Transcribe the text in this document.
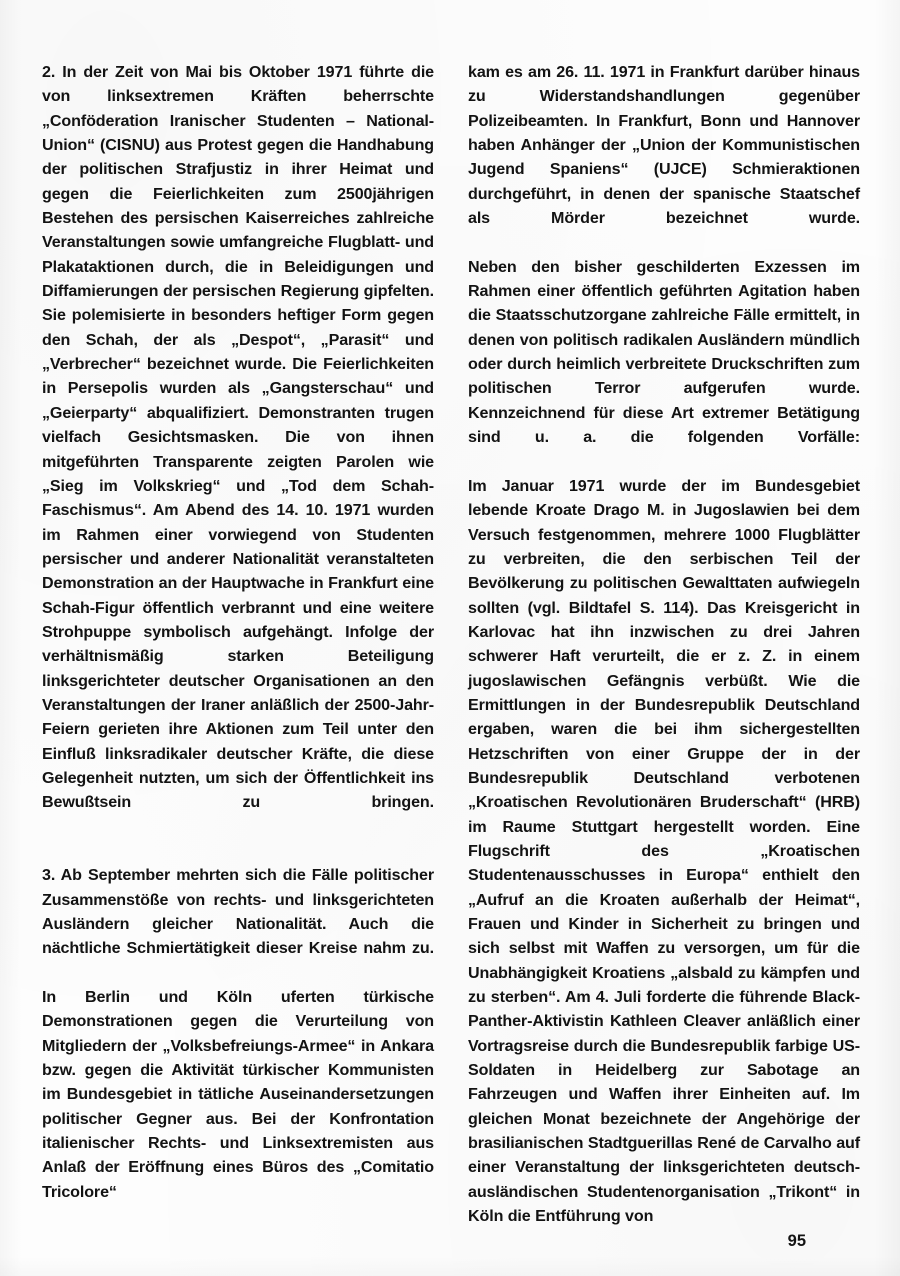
2. In der Zeit von Mai bis Oktober 1971 führte die von linksextremen Kräften beherrschte „Conföderation Iranischer Studenten – National-Union“ (CISNU) aus Protest gegen die Handhabung der politischen Strafjustiz in ihrer Heimat und gegen die Feierlichkeiten zum 2500jährigen Bestehen des persischen Kaiserreiches zahlreiche Veranstaltungen sowie umfangreiche Flugblatt- und Plakataktionen durch, die in Beleidigungen und Diffamierungen der persischen Regierung gipfelten. Sie polemisierte in besonders heftiger Form gegen den Schah, der als „Despot“, „Parasit“ und „Verbrecher“ bezeichnet wurde. Die Feierlichkeiten in Persepolis wurden als „Gangsterschau“ und „Geierparty“ abqualifiziert. Demonstranten trugen vielfach Gesichtsmasken. Die von ihnen mitgeführten Transparente zeigten Parolen wie „Sieg im Volkskrieg“ und „Tod dem Schah-Faschismus“. Am Abend des 14. 10. 1971 wurden im Rahmen einer vorwiegend von Studenten persischer und anderer Nationalität veranstalteten Demonstration an der Hauptwache in Frankfurt eine Schah-Figur öffentlich verbrannt und eine weitere Strohpuppe symbolisch aufgehängt. Infolge der verhältnismäßig starken Beteiligung linksgerichteter deutscher Organisationen an den Veranstaltungen der Iraner anläßlich der 2500-Jahr-Feiern gerieten ihre Aktionen zum Teil unter den Einfluß linksradikaler deutscher Kräfte, die diese Gelegenheit nutzten, um sich der Öffentlichkeit ins Bewußtsein zu bringen.

3. Ab September mehrten sich die Fälle politischer Zusammenstöße von rechts- und linksgerichteten Ausländern gleicher Nationalität. Auch die nächtliche Schmiertätigkeit dieser Kreise nahm zu.

In Berlin und Köln uferten türkische Demonstrationen gegen die Verurteilung von Mitgliedern der „Volksbefreiungs-Armee“ in Ankara bzw. gegen die Aktivität türkischer Kommunisten im Bundesgebiet in tätliche Auseinandersetzungen politischer Gegner aus. Bei der Konfrontation italienischer Rechts- und Linksextremisten aus Anlaß der Eröffnung eines Büros des „Comitatio Tricolore“

kam es am 26. 11. 1971 in Frankfurt darüber hinaus zu Widerstandshandlungen gegenüber Polizeibeamten. In Frankfurt, Bonn und Hannover haben Anhänger der „Union der Kommunistischen Jugend Spaniens“ (UJCE) Schmieraktionen durchgeführt, in denen der spanische Staatschef als Mörder bezeichnet wurde.

Neben den bisher geschilderten Exzessen im Rahmen einer öffentlich geführten Agitation haben die Staatsschutzorgane zahlreiche Fälle ermittelt, in denen von politisch radikalen Ausländern mündlich oder durch heimlich verbreitete Druckschriften zum politischen Terror aufgerufen wurde. Kennzeichnend für diese Art extremer Betätigung sind u. a. die folgenden Vorfälle:

Im Januar 1971 wurde der im Bundesgebiet lebende Kroate Drago M. in Jugoslawien bei dem Versuch festgenommen, mehrere 1000 Flugblätter zu verbreiten, die den serbischen Teil der Bevölkerung zu politischen Gewalttaten aufwiegeln sollten (vgl. Bildtafel S. 114). Das Kreisgericht in Karlovac hat ihn inzwischen zu drei Jahren schwerer Haft verurteilt, die er z. Z. in einem jugoslawischen Gefängnis verbüßt. Wie die Ermittlungen in der Bundesrepublik Deutschland ergaben, waren die bei ihm sichergestellten Hetzschriften von einer Gruppe der in der Bundesrepublik Deutschland verbotenen „Kroatischen Revolutionären Bruderschaft“ (HRB) im Raume Stuttgart hergestellt worden. Eine Flugschrift des „Kroatischen Studentenausschusses in Europa“ enthielt den „Aufruf an die Kroaten außerhalb der Heimat“, Frauen und Kinder in Sicherheit zu bringen und sich selbst mit Waffen zu versorgen, um für die Unabhängigkeit Kroatiens „alsbald zu kämpfen und zu sterben“. Am 4. Juli forderte die führende Black-Panther-Aktivistin Kathleen Cleaver anläßlich einer Vortragsreise durch die Bundesrepublik farbige US-Soldaten in Heidelberg zur Sabotage an Fahrzeugen und Waffen ihrer Einheiten auf. Im gleichen Monat bezeichnete der Angehörige der brasilianischen Stadtguerillas René de Carvalho auf einer Veranstaltung der linksgerichteten deutsch-ausländischen Studentenorganisation „Trikont“ in Köln die Entführung von

95
